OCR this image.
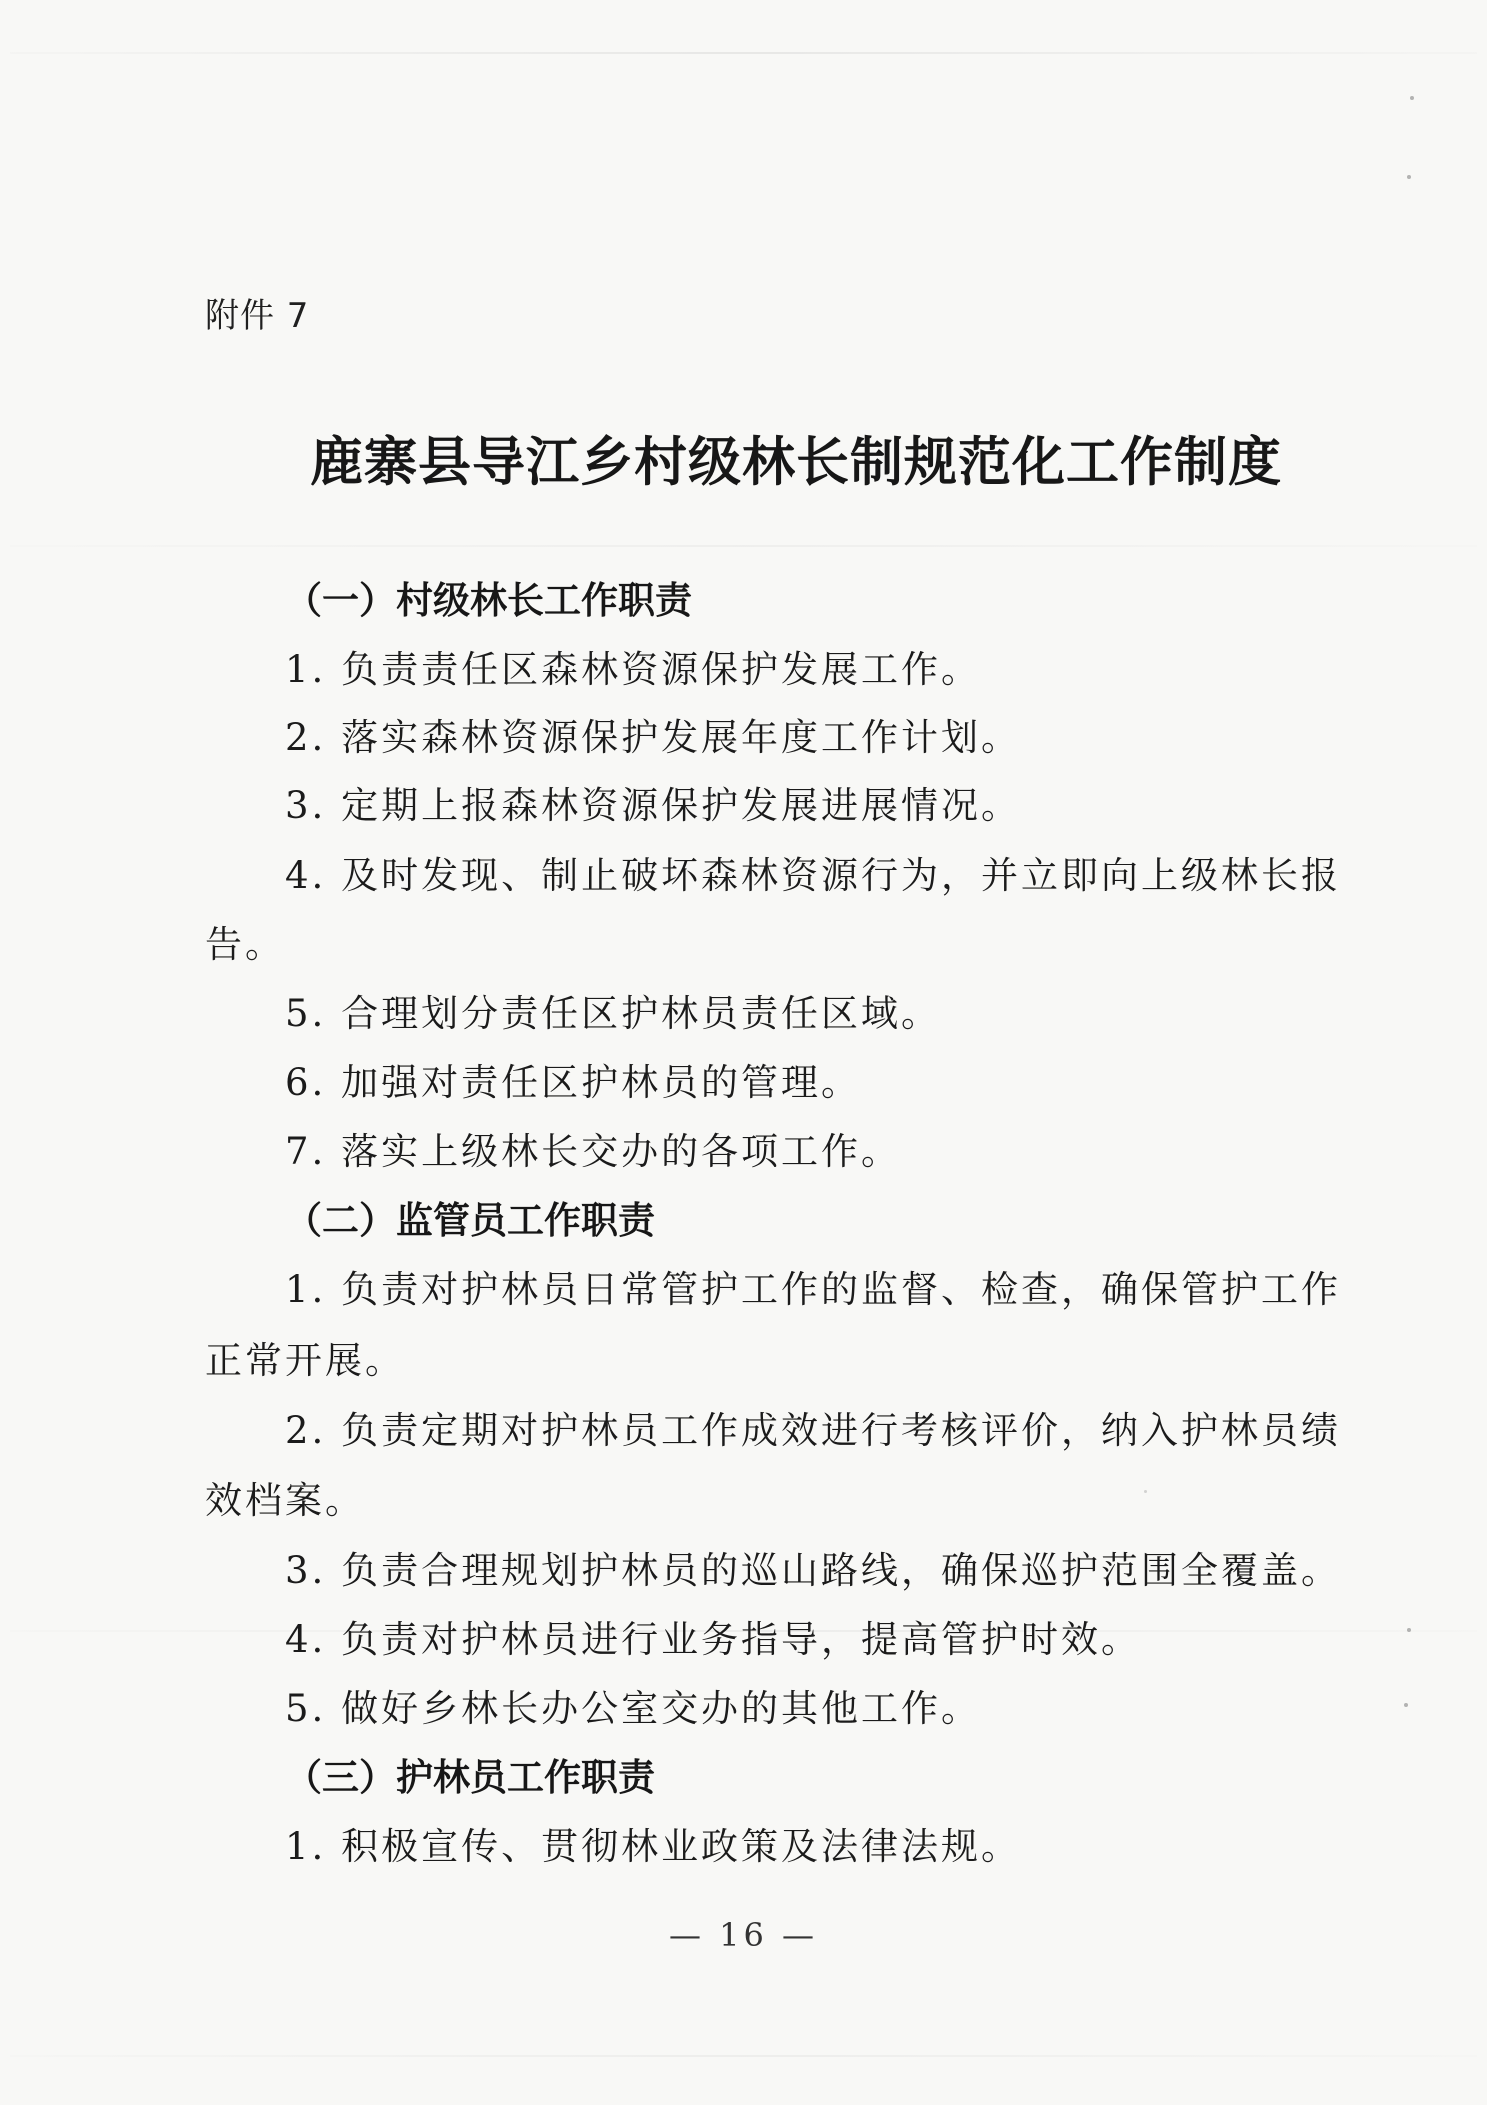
附件 7
鹿寨县导江乡村级林长制规范化工作制度
（一）村级林长工作职责
1. 负责责任区森林资源保护发展工作。
2. 落实森林资源保护发展年度工作计划。
3. 定期上报森林资源保护发展进展情况。
4. 及时发现、制止破坏森林资源行为，并立即向上级林长报
告。
5. 合理划分责任区护林员责任区域。
6. 加强对责任区护林员的管理。
7. 落实上级林长交办的各项工作。
（二）监管员工作职责
1. 负责对护林员日常管护工作的监督、检查，确保管护工作
正常开展。
2. 负责定期对护林员工作成效进行考核评价，纳入护林员绩
效档案。
3. 负责合理规划护林员的巡山路线，确保巡护范围全覆盖。
4. 负责对护林员进行业务指导，提高管护时效。
5. 做好乡林长办公室交办的其他工作。
（三）护林员工作职责
1. 积极宣传、贯彻林业政策及法律法规。
— 16 —
